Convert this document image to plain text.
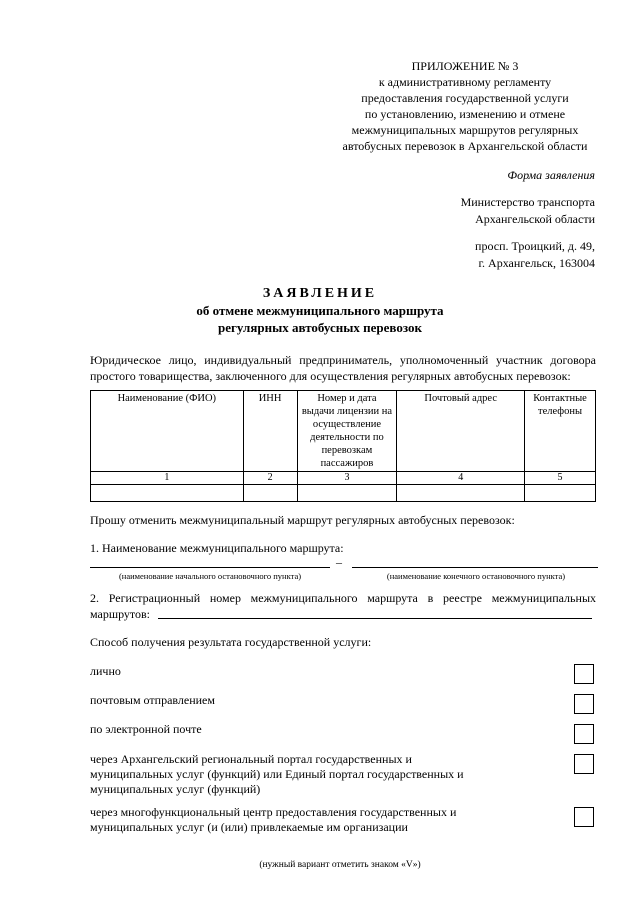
ПРИЛОЖЕНИЕ № 3
к административному регламенту
предоставления государственной услуги
по установлению, изменению и отмене
межмуниципальных маршрутов регулярных
автобусных перевозок в Архангельской области
Форма заявления
Министерство транспорта
Архангельской области
просп. Троицкий, д. 49,
г. Архангельск, 163004
ЗАЯВЛЕНИЕ
об отмене межмуниципального маршрута
регулярных автобусных перевозок
Юридическое лицо, индивидуальный предприниматель, уполномоченный участник договора простого товарищества, заключенного для осуществления регулярных автобусных перевозок:
Наименование (ФИО)	ИНН	Номер и дата выдачи лицензии на осуществление деятельности по перевозкам пассажиров	Почтовый адрес	Контактные телефоны
1	2	3	4	5

Прошу отменить межмуниципальный маршрут регулярных автобусных перевозок:
1. Наименование межмуниципального маршрута:
–
(наименование начального остановочного пункта)	(наименование конечного остановочного пункта)
2. Регистрационный номер межмуниципального маршрута в реестре межмуниципальных маршрутов:
Способ получения результата государственной услуги:
лично
почтовым отправлением
по электронной почте
через Архангельский региональный портал государственных и муниципальных услуг (функций) или Единый портал государственных и муниципальных услуг (функций)
через многофункциональный центр предоставления государственных и муниципальных услуг (и (или) привлекаемые им организации
(нужный вариант отметить знаком «V»)
